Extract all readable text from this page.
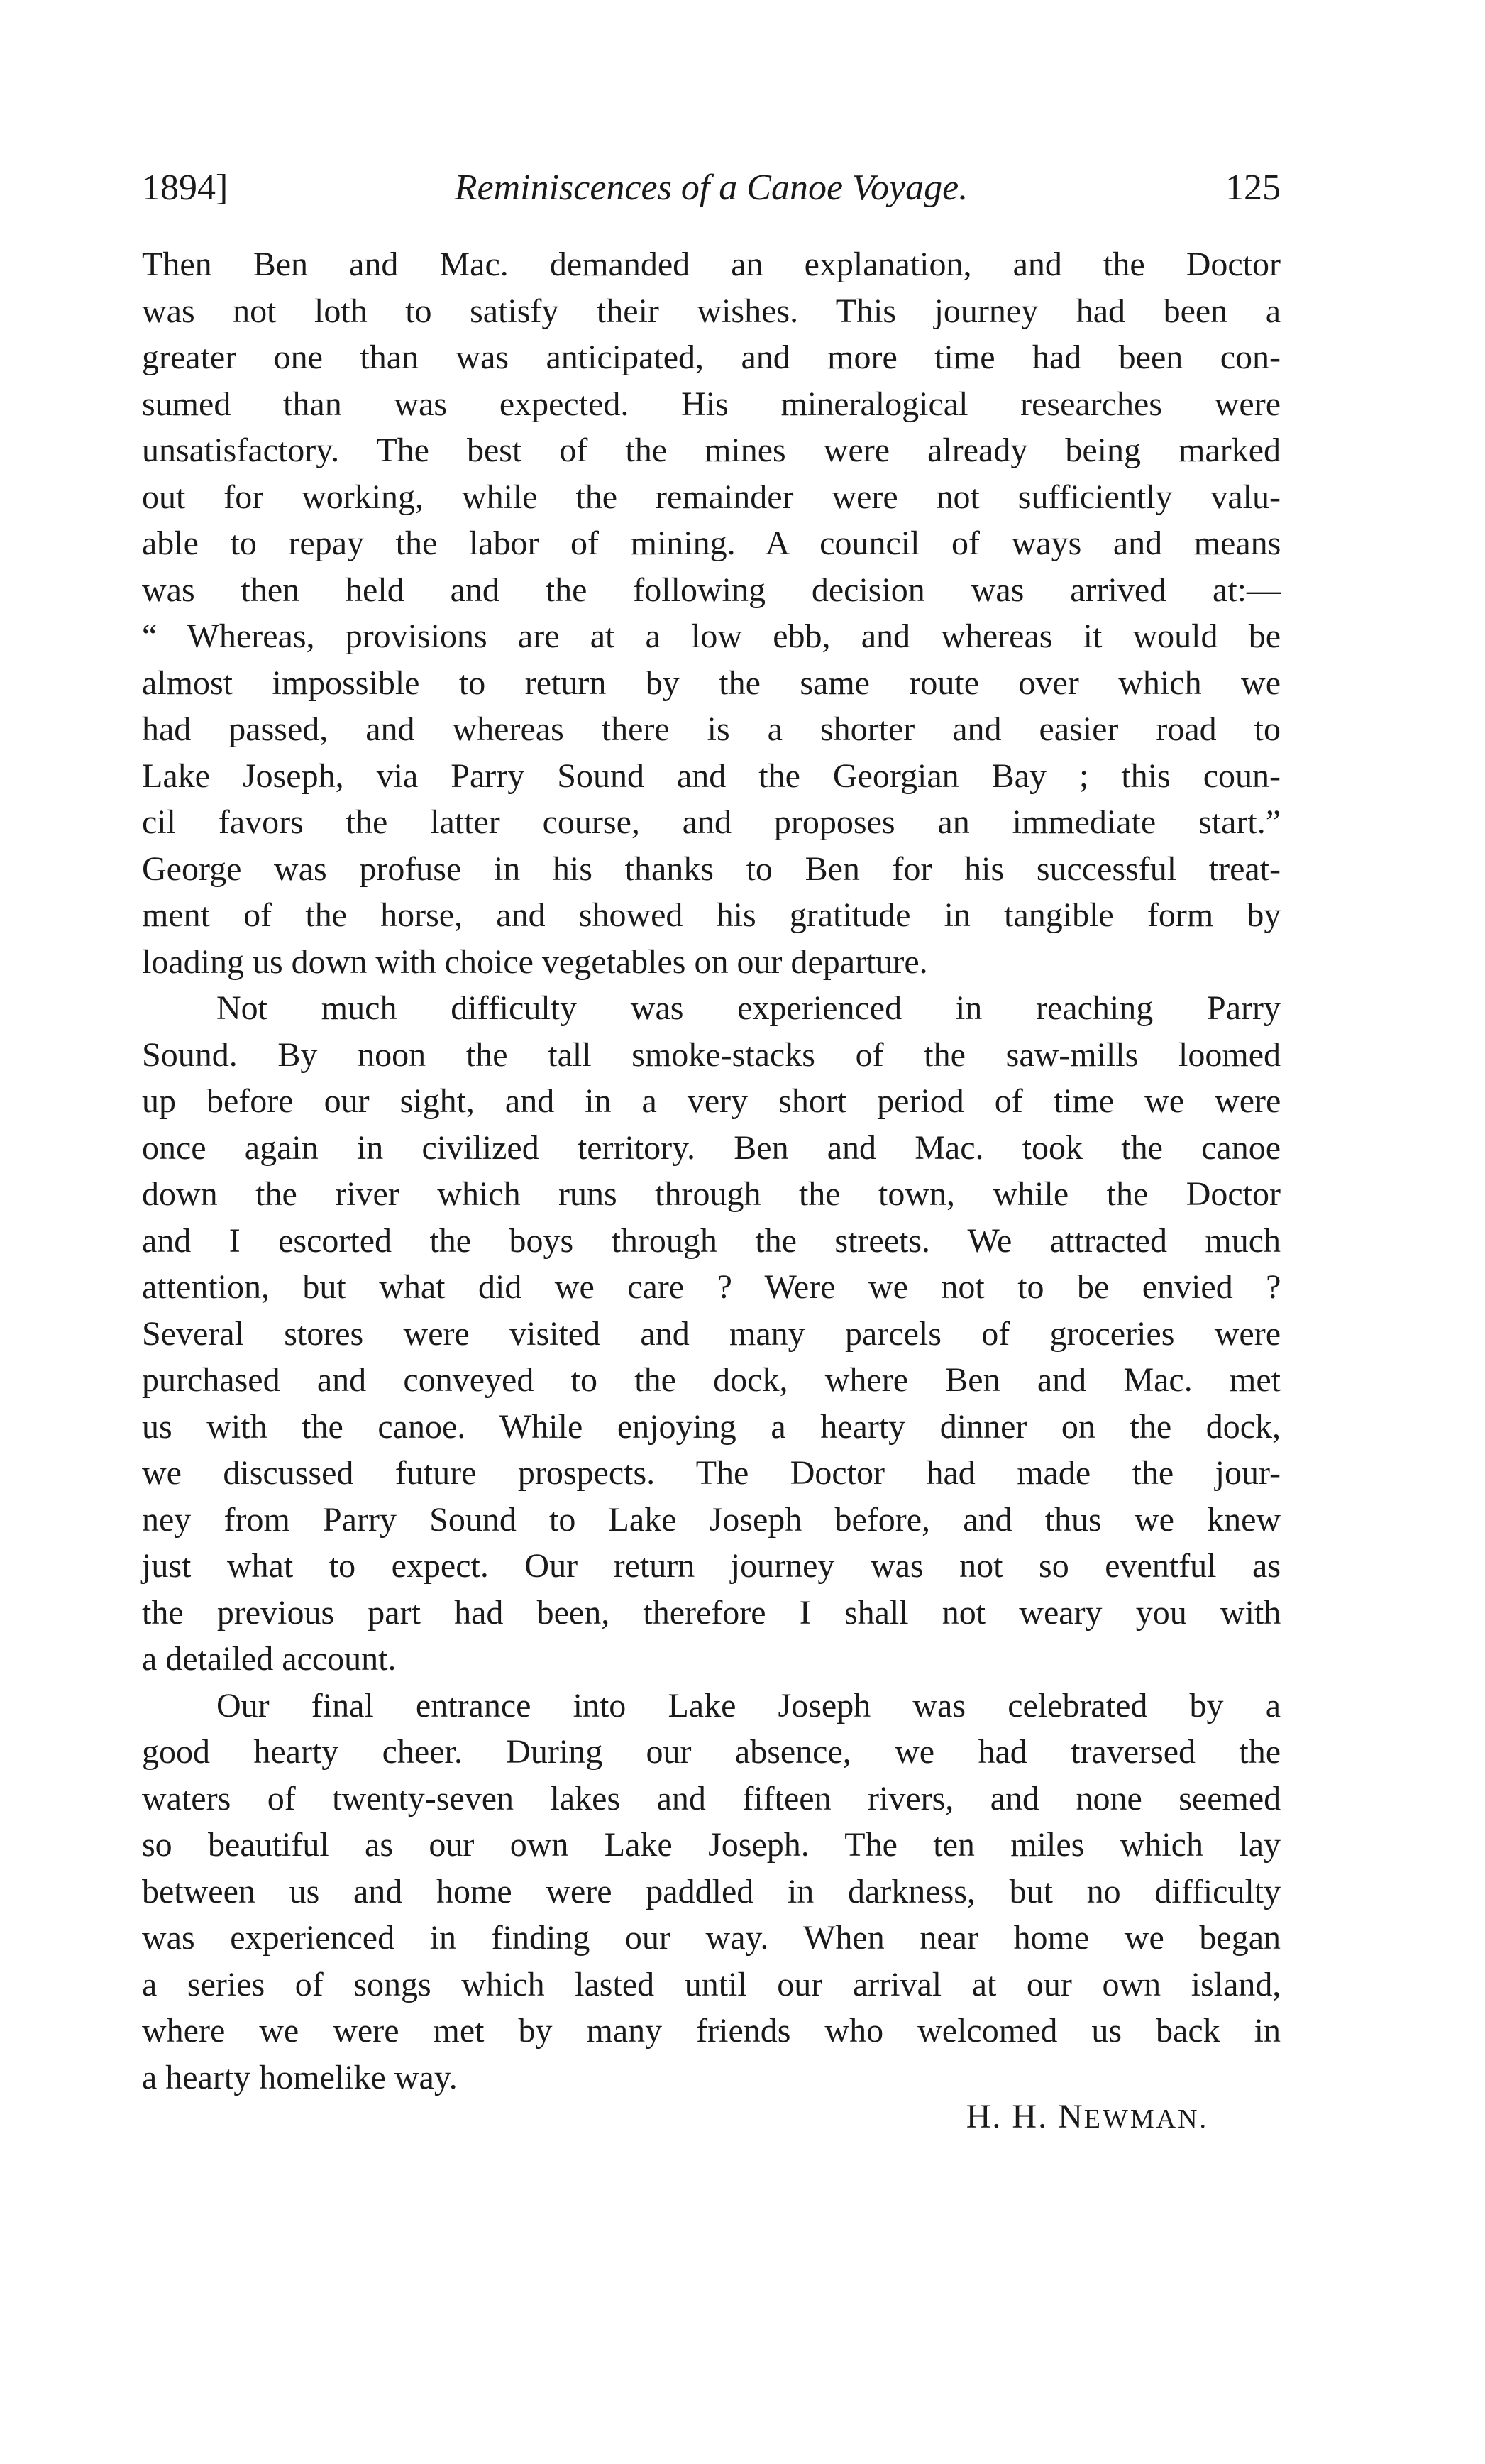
1894]	Reminiscences of a Canoe Voyage.	125
Then Ben and Mac. demanded an explanation, and the Doctor
was not loth to satisfy their wishes. This journey had been a
greater one than was anticipated, and more time had been con-
sumed than was expected. His mineralogical researches were
unsatisfactory. The best of the mines were already being marked
out for working, while the remainder were not sufficiently valu-
able to repay the labor of mining. A council of ways and means
was then held and the following decision was arrived at:—
“ Whereas, provisions are at a low ebb, and whereas it would be
almost impossible to return by the same route over which we
had passed, and whereas there is a shorter and easier road to
Lake Joseph, via Parry Sound and the Georgian Bay ; this coun-
cil favors the latter course, and proposes an immediate start.”
George was profuse in his thanks to Ben for his successful treat-
ment of the horse, and showed his gratitude in tangible form by
loading us down with choice vegetables on our departure.
Not much difficulty was experienced in reaching Parry
Sound. By noon the tall smoke-stacks of the saw-mills loomed
up before our sight, and in a very short period of time we were
once again in civilized territory. Ben and Mac. took the canoe
down the river which runs through the town, while the Doctor
and I escorted the boys through the streets. We attracted much
attention, but what did we care ? Were we not to be envied ?
Several stores were visited and many parcels of groceries were
purchased and conveyed to the dock, where Ben and Mac. met
us with the canoe. While enjoying a hearty dinner on the dock,
we discussed future prospects. The Doctor had made the jour-
ney from Parry Sound to Lake Joseph before, and thus we knew
just what to expect. Our return journey was not so eventful as
the previous part had been, therefore I shall not weary you with
a detailed account.
Our final entrance into Lake Joseph was celebrated by a
good hearty cheer. During our absence, we had traversed the
waters of twenty-seven lakes and fifteen rivers, and none seemed
so beautiful as our own Lake Joseph. The ten miles which lay
between us and home were paddled in darkness, but no difficulty
was experienced in finding our way. When near home we began
a series of songs which lasted until our arrival at our own island,
where we were met by many friends who welcomed us back in
a hearty homelike way.
H. H. NEWMAN.
